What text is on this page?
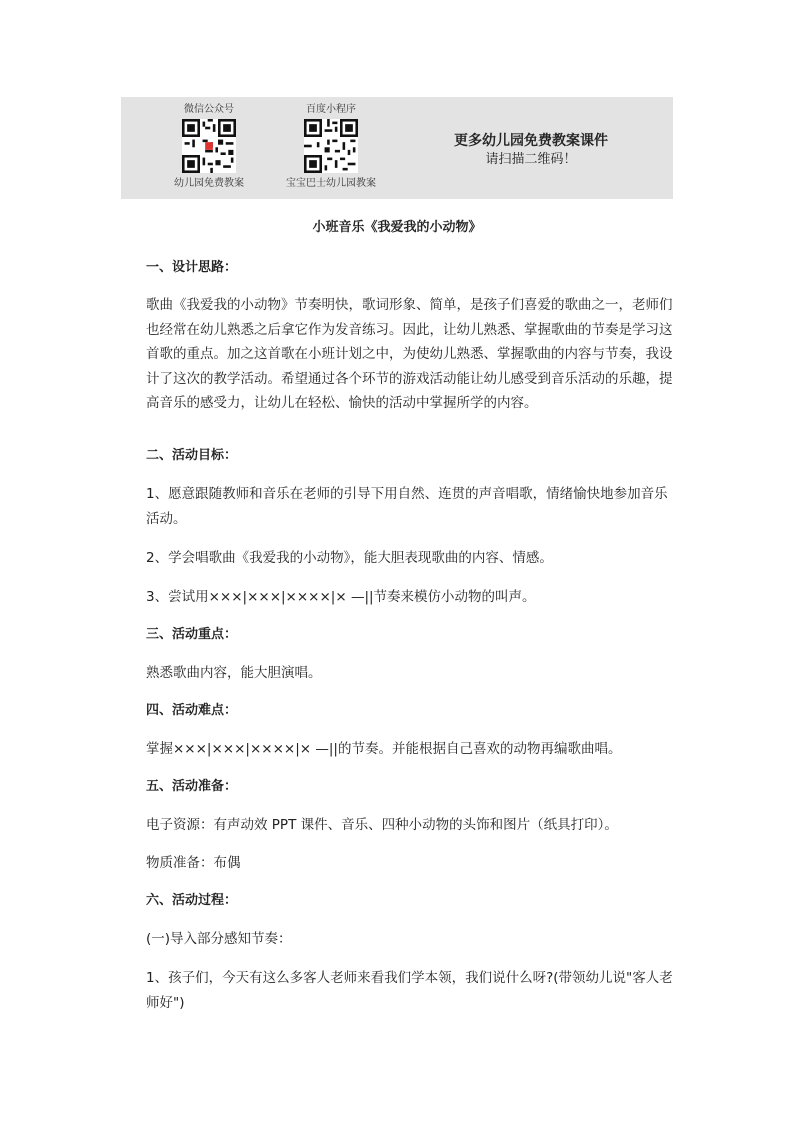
微信公众号
幼儿园免费教案
百度小程序
宝宝巴士幼儿园教案
更多幼儿园免费教案课件
请扫描二维码！
小班音乐《我爱我的小动物》
一、设计思路：
歌曲《我爱我的小动物》节奏明快，歌词形象、简单，是孩子们喜爱的歌曲之一，老师们也经常在幼儿熟悉之后拿它作为发音练习。因此，让幼儿熟悉、掌握歌曲的节奏是学习这首歌的重点。加之这首歌在小班计划之中，为使幼儿熟悉、掌握歌曲的内容与节奏，我设计了这次的教学活动。希望通过各个环节的游戏活动能让幼儿感受到音乐活动的乐趣，提高音乐的感受力，让幼儿在轻松、愉快的活动中掌握所学的内容。
二、活动目标：
1、愿意跟随教师和音乐在老师的引导下用自然、连贯的声音唱歌，情绪愉快地参加音乐活动。
2、学会唱歌曲《我爱我的小动物》，能大胆表现歌曲的内容、情感。
3、尝试用×××|×××|××××|× —||节奏来模仿小动物的叫声。
三、活动重点：
熟悉歌曲内容，能大胆演唱。
四、活动难点：
掌握×××|×××|××××|× —||的节奏。并能根据自己喜欢的动物再编歌曲唱。
五、活动准备：
电子资源：有声动效 PPT 课件、音乐、四种小动物的头饰和图片（纸具打印）。
物质准备：布偶
六、活动过程：
(一)导入部分感知节奏：
1、孩子们，今天有这么多客人老师来看我们学本领，我们说什么呀?(带领幼儿说"客人老师好")
